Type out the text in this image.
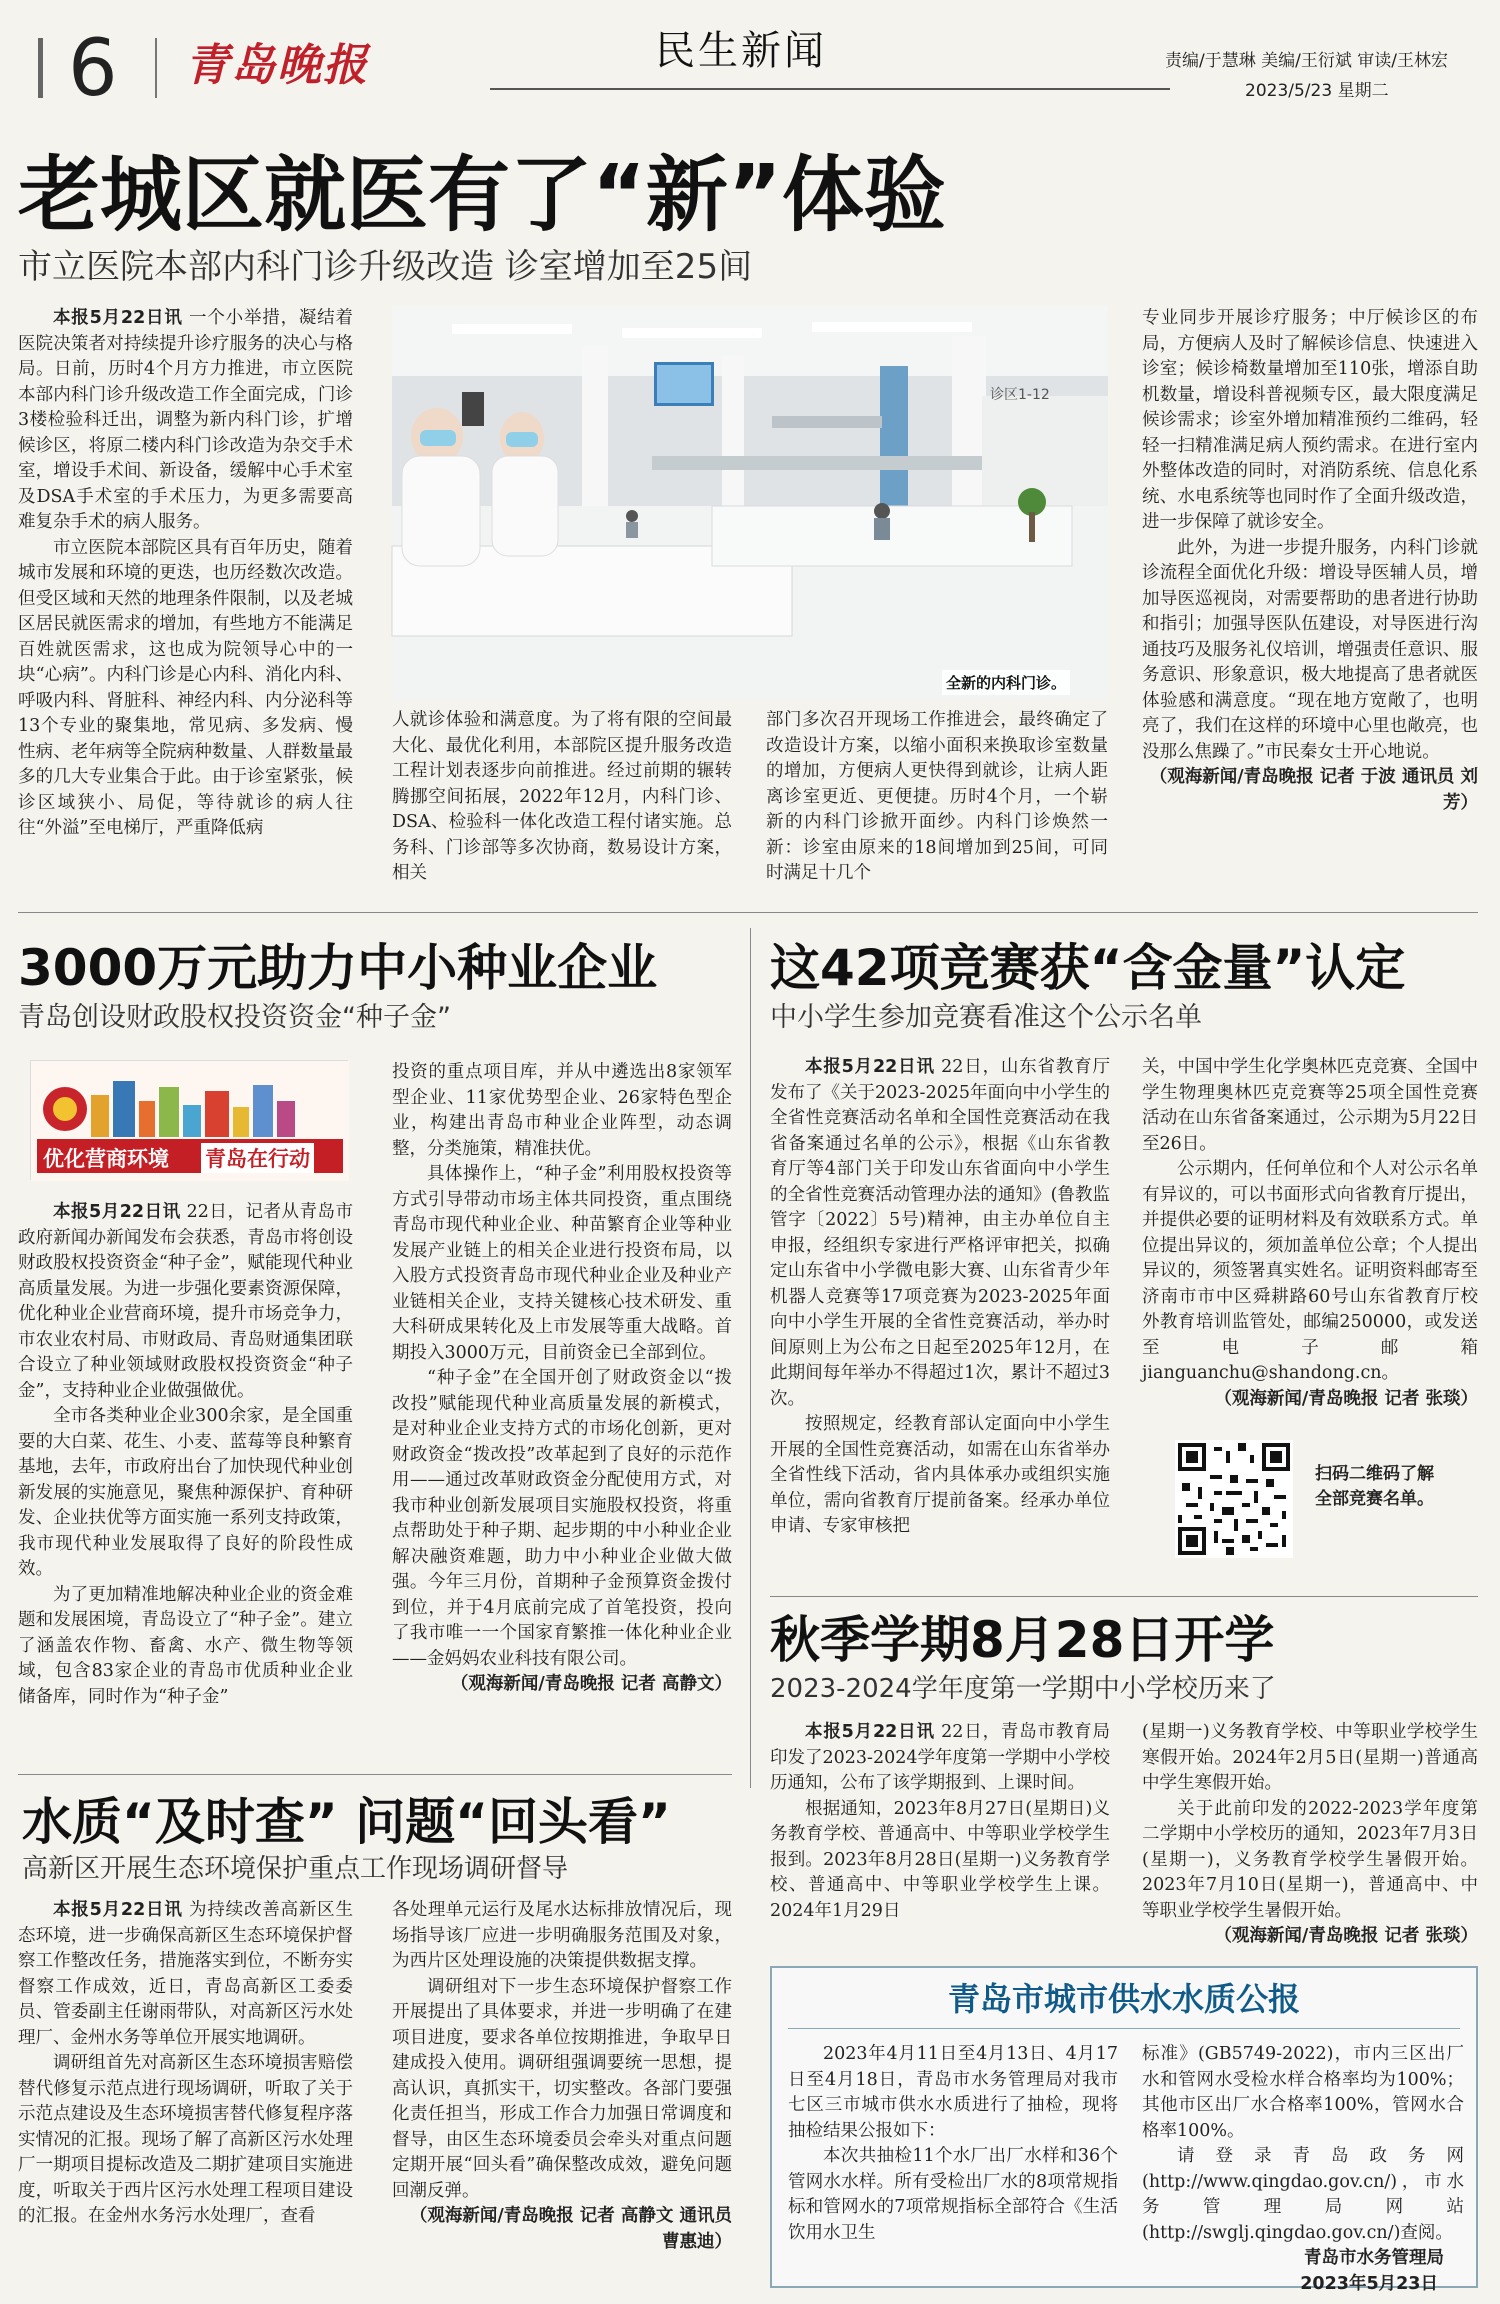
6 青岛晚报	民生新闻	责编/于慧琳 美编/王衍斌 审读/王林宏
2023/5/23 星期二
老城区就医有了“新”体验
市立医院本部内科门诊升级改造 诊室增加至25间

本报5月22日讯 一个小举措，凝结着医院决策者对持续提升诊疗服务的决心与格局。日前，历时4个月方力推进，市立医院本部内科门诊升级改造工作全面完成，门诊3楼检验科迁出，调整为新内科门诊，扩增候诊区，将原二楼内科门诊改造为杂交手术室，增设手术间、新设备，缓解中心手术室及DSA手术室的手术压力，为更多需要高难复杂手术的病人服务。

市立医院本部院区具有百年历史，随着城市发展和环境的更迭，也历经数次改造。但受区域和天然的地理条件限制，以及老城区居民就医需求的增加，有些地方不能满足百姓就医需求，这也成为院领导心中的一块“心病”。内科门诊是心内科、消化内科、呼吸内科、肾脏科、神经内科、内分泌科等13个专业的聚集地，常见病、多发病、慢性病、老年病等全院病种数量、人群数量最多的几大专业集合于此。由于诊室紧张，候诊区域狭小、局促，等待就诊的病人往往“外溢”至电梯厅，严重降低病

诊区1-12
全新的内科门诊。

人就诊体验和满意度。为了将有限的空间最大化、最优化利用，本部院区提升服务改造工程计划表逐步向前推进。经过前期的辗转腾挪空间拓展，2022年12月，内科门诊、DSA、检验科一体化改造工程付诸实施。总务科、门诊部等多次协商，数易设计方案，相关

部门多次召开现场工作推进会，最终确定了改造设计方案，以缩小面积来换取诊室数量的增加，方便病人更快得到就诊，让病人距离诊室更近、更便捷。历时4个月，一个崭新的内科门诊掀开面纱。内科门诊焕然一新：诊室由原来的18间增加到25间，可同时满足十几个

专业同步开展诊疗服务；中厅候诊区的布局，方便病人及时了解候诊信息、快速进入诊室；候诊椅数量增加至110张，增添自助机数量，增设科普视频专区，最大限度满足候诊需求；诊室外增加精准预约二维码，轻轻一扫精准满足病人预约需求。在进行室内外整体改造的同时，对消防系统、信息化系统、水电系统等也同时作了全面升级改造，进一步保障了就诊安全。

此外，为进一步提升服务，内科门诊就诊流程全面优化升级：增设导医辅人员，增加导医巡视岗，对需要帮助的患者进行协助和指引；加强导医队伍建设，对导医进行沟通技巧及服务礼仪培训，增强责任意识、服务意识、形象意识，极大地提高了患者就医体验感和满意度。“现在地方宽敞了，也明亮了，我们在这样的环境中心里也敞亮，也没那么焦躁了。”市民秦女士开心地说。

（观海新闻/青岛晚报 记者 于波 通讯员 刘芳）

3000万元助力中小种业企业
青岛创设财政股权投资资金“种子金”
优化营商环境 青岛在行动

本报5月22日讯 22日，记者从青岛市政府新闻办新闻发布会获悉，青岛市将创设财政股权投资资金“种子金”，赋能现代种业高质量发展。为进一步强化要素资源保障，优化种业企业营商环境，提升市场竞争力，市农业农村局、市财政局、青岛财通集团联合设立了种业领域财政股权投资资金“种子金”，支持种业企业做强做优。

全市各类种业企业300余家，是全国重要的大白菜、花生、小麦、蓝莓等良种繁育基地，去年，市政府出台了加快现代种业创新发展的实施意见，聚焦种源保护、育种研发、企业扶优等方面实施一系列支持政策，我市现代种业发展取得了良好的阶段性成效。

为了更加精准地解决种业企业的资金难题和发展困境，青岛设立了“种子金”。建立了涵盖农作物、畜禽、水产、微生物等领域，包含83家企业的青岛市优质种业企业储备库，同时作为“种子金”

投资的重点项目库，并从中遴选出8家领军型企业、11家优势型企业、26家特色型企业，构建出青岛市种业企业阵型，动态调整，分类施策，精准扶优。

具体操作上，“种子金”利用股权投资等方式引导带动市场主体共同投资，重点围绕青岛市现代种业企业、种苗繁育企业等种业发展产业链上的相关企业进行投资布局，以入股方式投资青岛市现代种业企业及种业产业链相关企业，支持关键核心技术研发、重大科研成果转化及上市发展等重大战略。首期投入3000万元，目前资金已全部到位。

“种子金”在全国开创了财政资金以“拨改投”赋能现代种业高质量发展的新模式，是对种业企业支持方式的市场化创新，更对财政资金“拨改投”改革起到了良好的示范作用——通过改革财政资金分配使用方式，对我市种业创新发展项目实施股权投资，将重点帮助处于种子期、起步期的中小种业企业解决融资难题，助力中小种业企业做大做强。今年三月份，首期种子金预算资金拨付到位，并于4月底前完成了首笔投资，投向了我市唯一一个国家育繁推一体化种业企业——金妈妈农业科技有限公司。

（观海新闻/青岛晚报 记者 高静文）

这42项竞赛获“含金量”认定
中小学生参加竞赛看准这个公示名单

本报5月22日讯 22日，山东省教育厅发布了《关于2023-2025年面向中小学生的全省性竞赛活动名单和全国性竞赛活动在我省备案通过名单的公示》，根据《山东省教育厅等4部门关于印发山东省面向中小学生的全省性竞赛活动管理办法的通知》(鲁教监管字〔2022〕5号)精神，由主办单位自主申报，经组织专家进行严格评审把关，拟确定山东省中小学微电影大赛、山东省青少年机器人竞赛等17项竞赛为2023-2025年面向中小学生开展的全省性竞赛活动，举办时间原则上为公布之日起至2025年12月，在此期间每年举办不得超过1次，累计不超过3次。

按照规定，经教育部认定面向中小学生开展的全国性竞赛活动，如需在山东省举办全省性线下活动，省内具体承办或组织实施单位，需向省教育厅提前备案。经承办单位申请、专家审核把

关，中国中学生化学奥林匹克竞赛、全国中学生物理奥林匹克竞赛等25项全国性竞赛活动在山东省备案通过，公示期为5月22日至26日。

公示期内，任何单位和个人对公示名单有异议的，可以书面形式向省教育厅提出，并提供必要的证明材料及有效联系方式。单位提出异议的，须加盖单位公章；个人提出异议的，须签署真实姓名。证明资料邮寄至济南市市中区舜耕路60号山东省教育厅校外教育培训监管处，邮编250000，或发送至电子邮箱jianguanchu@shandong.cn。

（观海新闻/青岛晚报 记者 张琰）

扫码二维码了解全部竞赛名单。
秋季学期8月28日开学
2023-2024学年度第一学期中小学校历来了

本报5月22日讯 22日，青岛市教育局印发了2023-2024学年度第一学期中小学校历通知，公布了该学期报到、上课时间。

根据通知，2023年8月27日(星期日)义务教育学校、普通高中、中等职业学校学生报到。2023年8月28日(星期一)义务教育学校、普通高中、中等职业学校学生上课。2024年1月29日

(星期一)义务教育学校、中等职业学校学生寒假开始。2024年2月5日(星期一)普通高中学生寒假开始。

关于此前印发的2022-2023学年度第二学期中小学校历的通知，2023年7月3日(星期一)，义务教育学校学生暑假开始。2023年7月10日(星期一)，普通高中、中等职业学校学生暑假开始。

（观海新闻/青岛晚报 记者 张琰）

水质“及时查” 问题“回头看”
高新区开展生态环境保护重点工作现场调研督导

本报5月22日讯 为持续改善高新区生态环境，进一步确保高新区生态环境保护督察工作整改任务，措施落实到位，不断夯实督察工作成效，近日，青岛高新区工委委员、管委副主任谢雨带队，对高新区污水处理厂、金州水务等单位开展实地调研。

调研组首先对高新区生态环境损害赔偿替代修复示范点进行现场调研，听取了关于示范点建设及生态环境损害替代修复程序落实情况的汇报。现场了解了高新区污水处理厂一期项目提标改造及二期扩建项目实施进度，听取关于西片区污水处理工程项目建设的汇报。在金州水务污水处理厂，查看

各处理单元运行及尾水达标排放情况后，现场指导该厂应进一步明确服务范围及对象，为西片区处理设施的决策提供数据支撑。

调研组对下一步生态环境保护督察工作开展提出了具体要求，并进一步明确了在建项目进度，要求各单位按期推进，争取早日建成投入使用。调研组强调要统一思想，提高认识，真抓实干，切实整改。各部门要强化责任担当，形成工作合力加强日常调度和督导，由区生态环境委员会牵头对重点问题定期开展“回头看”确保整改成效，避免问题回潮反弹。

（观海新闻/青岛晚报 记者 高静文 通讯员 曹惠迪）

青岛市城市供水水质公报

2023年4月11日至4月13日、4月17日至4月18日，青岛市水务管理局对我市七区三市城市供水水质进行了抽检，现将抽检结果公报如下：

本次共抽检11个水厂出厂水样和36个管网水水样。所有受检出厂水的8项常规指标和管网水的7项常规指标全部符合《生活饮用水卫生

标准》(GB5749-2022)，市内三区出厂水和管网水受检水样合格率均为100%；其他市区出厂水合格率100%，管网水合格率100%。

请登录青岛政务网(http://www.qingdao.gov.cn/)，市水务管理局网站(http://swglj.qingdao.gov.cn/)查阅。

青岛市水务管理局

2023年5月23日
